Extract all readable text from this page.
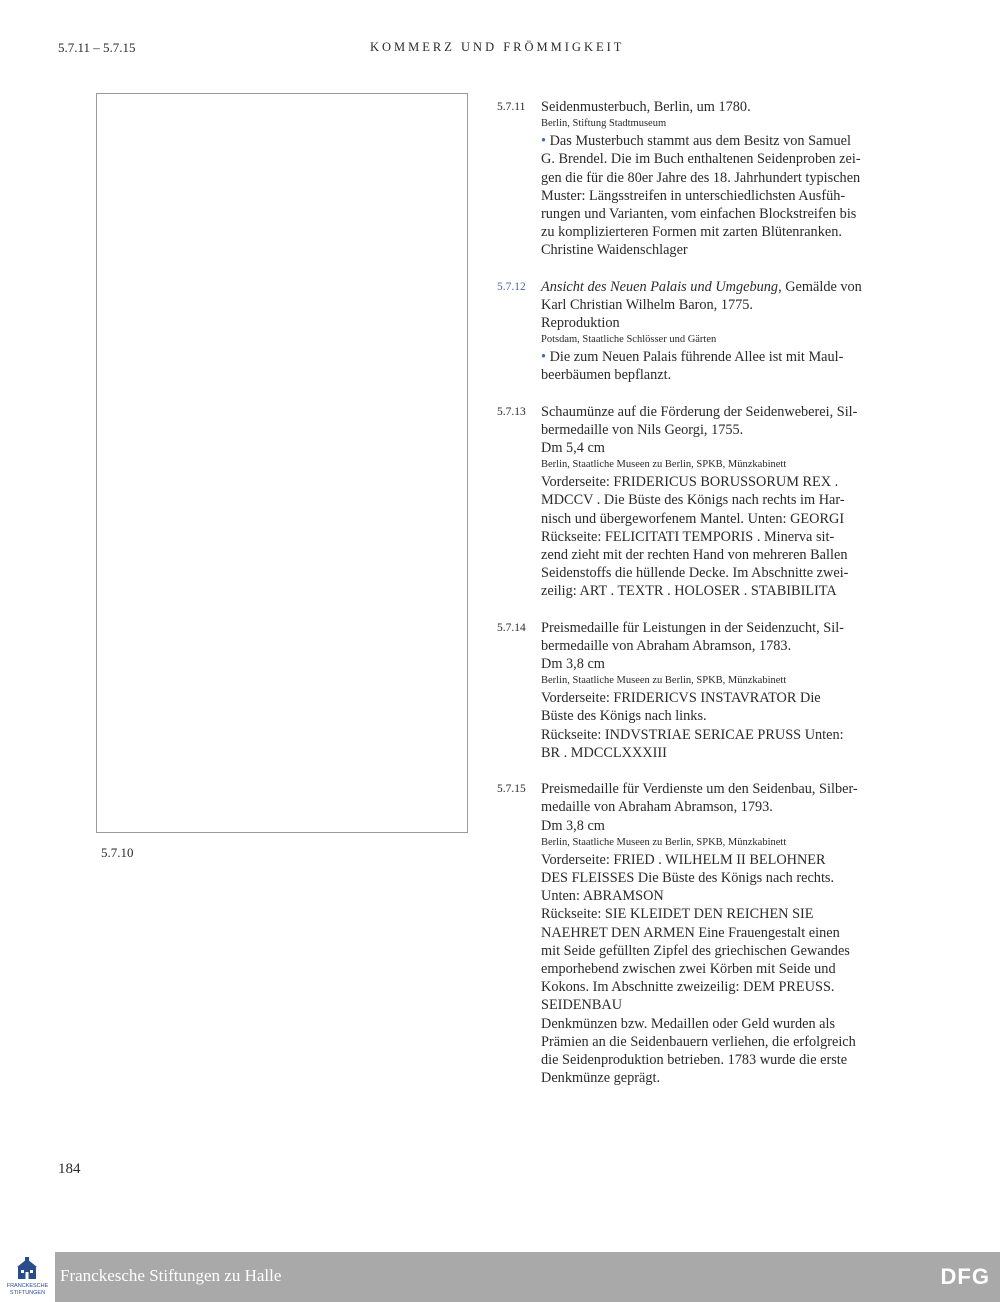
5.7.11 – 5.7.15	KOMMERZ UND FRÖMMIGKEIT
5.7.10
5.7.11 Seidenmusterbuch, Berlin, um 1780.
Berlin, Stiftung Stadtmuseum
• Das Musterbuch stammt aus dem Besitz von Samuel
G. Brendel. Die im Buch enthaltenen Seidenproben zei-
gen die für die 80er Jahre des 18. Jahrhundert typischen
Muster: Längsstreifen in unterschiedlichsten Ausfüh-
rungen und Varianten, vom einfachen Blockstreifen bis
zu komplizierteren Formen mit zarten Blütenranken.
Christine Waidenschlager
5.7.12 Ansicht des Neuen Palais und Umgebung, Gemälde von
Karl Christian Wilhelm Baron, 1775.
Reproduktion
Potsdam, Staatliche Schlösser und Gärten
• Die zum Neuen Palais führende Allee ist mit Maul-
beerbäumen bepflanzt.
5.7.13 Schaumünze auf die Förderung der Seidenweberei, Sil-
bermedaille von Nils Georgi, 1755.
Dm 5,4 cm
Berlin, Staatliche Museen zu Berlin, SPKB, Münzkabinett
Vorderseite: FRIDERICUS BORUSSORUM REX .
MDCCV . Die Büste des Königs nach rechts im Har-
nisch und übergeworfenem Mantel. Unten: GEORGI
Rückseite: FELICITATI TEMPORIS . Minerva sit-
zend zieht mit der rechten Hand von mehreren Ballen
Seidenstoffs die hüllende Decke. Im Abschnitte zwei-
zeilig: ART . TEXTR . HOLOSER . STABIBILITA
5.7.14 Preismedaille für Leistungen in der Seidenzucht, Sil-
bermedaille von Abraham Abramson, 1783.
Dm 3,8 cm
Berlin, Staatliche Museen zu Berlin, SPKB, Münzkabinett
Vorderseite: FRIDERICVS INSTAVRATOR Die
Büste des Königs nach links.
Rückseite: INDVSTRIAE SERICAE PRUSS Unten:
BR . MDCCLXXXIII
5.7.15 Preismedaille für Verdienste um den Seidenbau, Silber-
medaille von Abraham Abramson, 1793.
Dm 3,8 cm
Berlin, Staatliche Museen zu Berlin, SPKB, Münzkabinett
Vorderseite: FRIED . WILHELM II BELOHNER
DES FLEISSES Die Büste des Königs nach rechts.
Unten: ABRAMSON
Rückseite: SIE KLEIDET DEN REICHEN SIE
NAEHRET DEN ARMEN Eine Frauengestalt einen
mit Seide gefüllten Zipfel des griechischen Gewandes
emporhebend zwischen zwei Körben mit Seide und
Kokons. Im Abschnitte zweizeilig: DEM PREUSS.
SEIDENBAU
Denkmünzen bzw. Medaillen oder Geld wurden als
Prämien an die Seidenbauern verliehen, die erfolgreich
die Seidenproduktion betrieben. 1783 wurde die erste
Denkmünze geprägt.
184
FRANCKESCHE
STIFTUNGEN
Franckesche Stiftungen zu Halle	DFG
